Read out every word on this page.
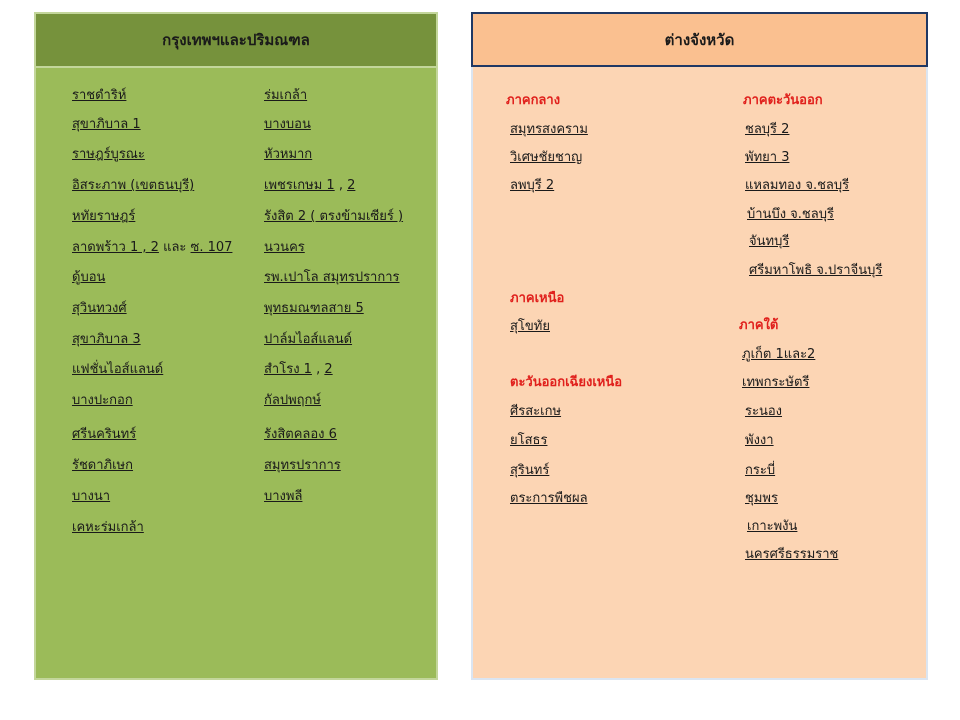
กรุงเทพฯและปริมณฑล
ราชดำริห์
สุขาภิบาล 1
ราษฎร์บูรณะ
อิสระภาพ (เขตธนบุรี)
หทัยราษฎร์
ลาดพร้าว 1 , 2 และ ซ. 107
ดู้บอน
สุวินทวงศ์
สุขาภิบาล 3
แฟชั่นไอส์แลนด์
บางปะกอก
ศรีนครินทร์
รัชดาภิเษก
บางนา
เคหะร่มเกล้า
ร่มเกล้า
บางบอน
หัวหมาก
เพชรเกษม 1 , 2
รังสิต 2 ( ตรงข้ามเซียร์ )
นวนคร
รพ.เปาโล สมุทรปราการ
พุทธมณฑลสาย 5
ปาล์มไอส์แลนด์
สำโรง 1 , 2
กัลปพฤกษ์
รังสิตคลอง 6
สมุทรปราการ
บางพลี
ต่างจังหวัด
ภาคกลาง
สมุทรสงคราม
วิเศษชัยชาญ
ลพบุรี 2
ภาคตะวันออก
ชลบุรี 2
พัทยา 3
แหลมทอง จ.ชลบุรี
บ้านบึง จ.ชลบุรี
จันทบุรี
ศรีมหาโพธิ จ.ปราจีนบุรี
ภาคเหนือ
สุโขทัย	ภาคใต้
ภูเก็ต 1และ2
เทพกระษัตรี
ระนอง
พังงา
กระบี่
ชุมพร
เกาะพงัน
นครศรีธรรมราช
ตะวันออกเฉียงเหนือ
ศีรสะเกษ
ยโสธร
สุรินทร์
ตระการพืชผล
